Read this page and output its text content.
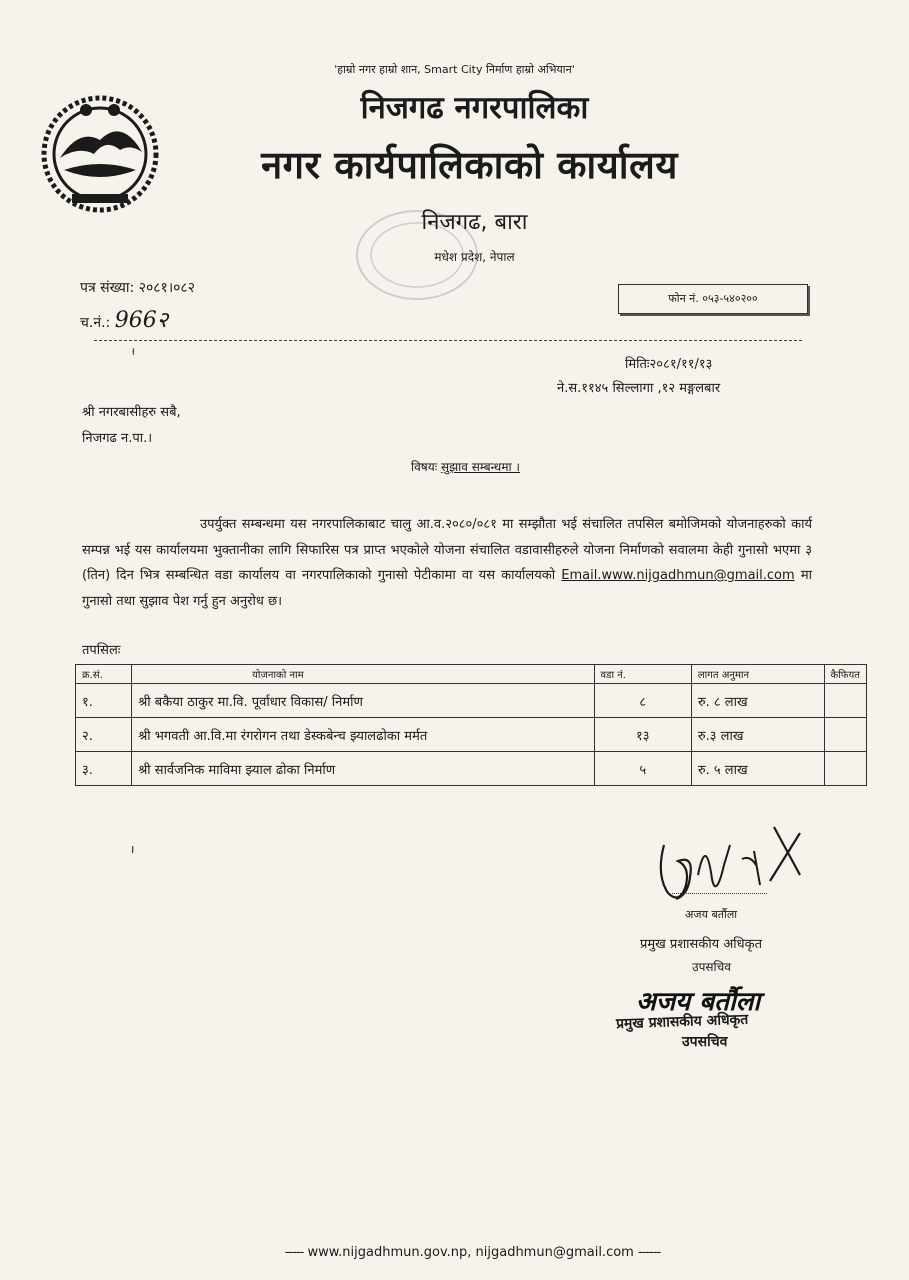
'हाम्रो नगर हाम्रो शान, Smart City निर्माण हाम्रो अभियान'
निजगढ नगरपालिका
नगर कार्यपालिकाको कार्यालय
निजगढ, बारा
मधेश प्रदेश, नेपाल
पत्र संख्या: २०८१।०८२
च.नं.: 966२
फोन नं. ०५३-५४०२००
ł
मितिः२०८१/११/१३
ने.स.११४५ सिल्लागा ,१२ मङ्गलबार
श्री नगरबासीहरु सबै,
निजगढ न.पा.।
विषयः सुझाव सम्बन्धमा ।
उपर्युक्त सम्बन्धमा यस नगरपालिकाबाट चालु आ.व.२०८०/०८१ मा सम्झौता भई संचालित तपसिल बमोजिमको योजनाहरुको कार्य सम्पन्न भई यस कार्यालयमा भुक्तानीका लागि सिफारिस पत्र प्राप्त भएकोले योजना संचालित वडावासीहरुले योजना निर्माणको सवालमा केही गुनासो भएमा ३ (तिन) दिन भित्र सम्बन्धित वडा कार्यालय वा नगरपालिकाको गुनासो पेटीकामा वा यस कार्यालयको Email.www.nijgadhmun@gmail.com मा गुनासो तथा सुझाव पेश गर्नु हुन अनुरोध छ।
तपसिलः
क्र.सं.	योजनाको नाम	वडा नं.	लागत अनुमान	कैफियत
१.	श्री बकैया ठाकुर मा.वि. पूर्वाधार विकास/ निर्माण	८	रु. ८ लाख	
२.	श्री भगवती आ.वि.मा रंगरोगन तथा डेस्कबेन्च झ्यालढोका मर्मत	१३	रु.३ लाख	
३.	श्री सार्वजनिक माविमा झ्याल ढोका निर्माण	५	रु. ५ लाख	
ı
अजय बर्तौला
प्रमुख प्रशासकीय अधिकृत
उपसचिव
अजय बर्तौला
प्रमुख प्रशासकीय अधिकृत
उपसचिव
----- www.nijgadhmun.gov.np, nijgadhmun@gmail.com ------
